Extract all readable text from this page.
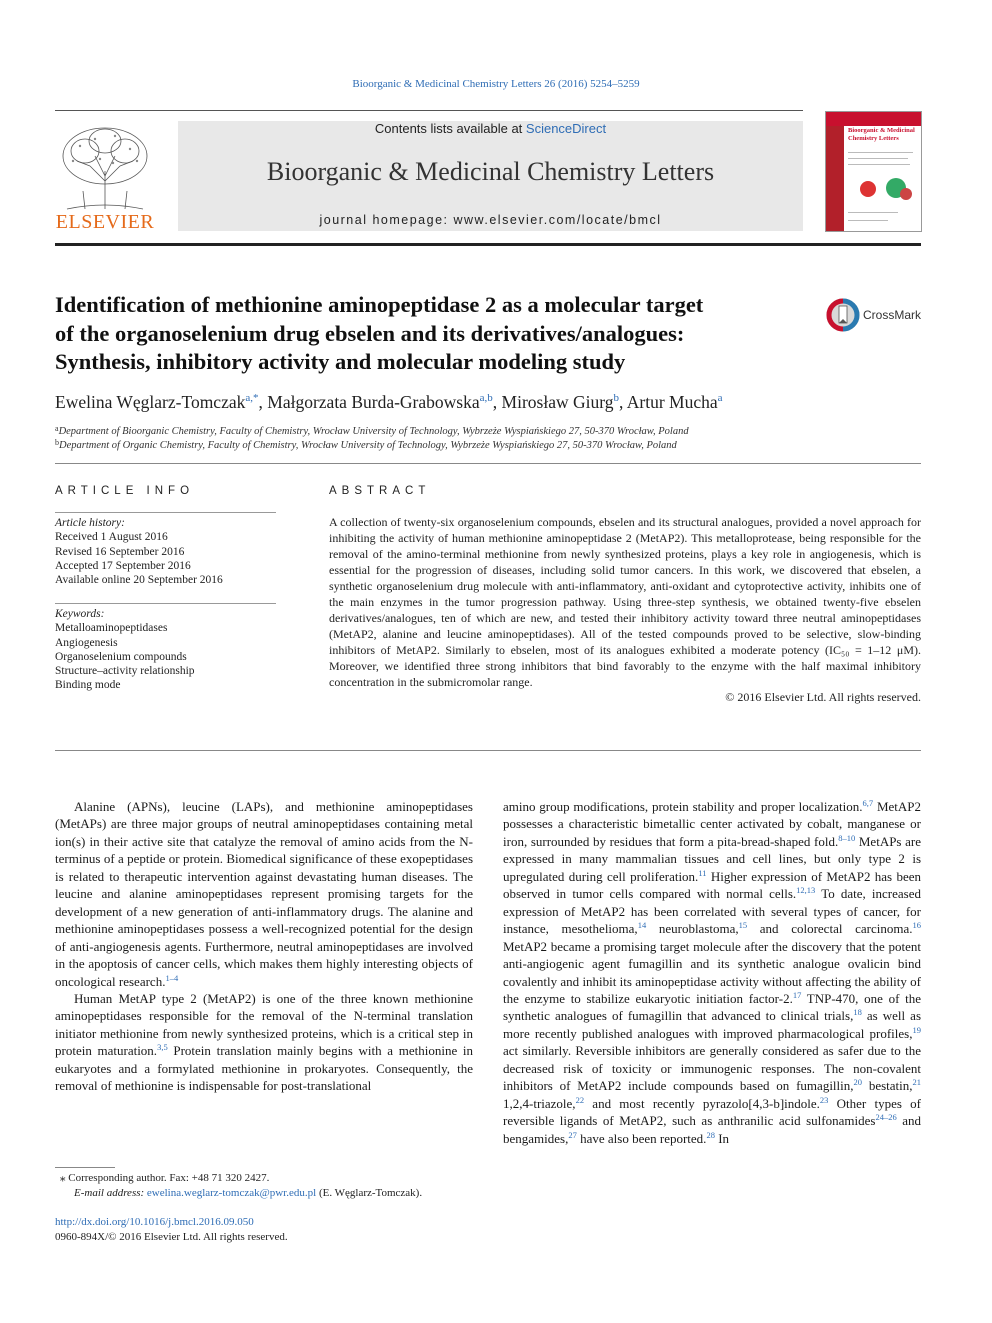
Bioorganic & Medicinal Chemistry Letters 26 (2016) 5254–5259
ELSEVIER
Contents lists available at ScienceDirect
Bioorganic & Medicinal Chemistry Letters
journal homepage: www.elsevier.com/locate/bmcl
Bioorganic & Medicinal Chemistry Letters
Identification of methionine aminopeptidase 2 as a molecular target
of the organoselenium drug ebselen and its derivatives/analogues:
Synthesis, inhibitory activity and molecular modeling study
CrossMark
Ewelina Węglarz-Tomczak$^{a,*}$, Małgorzata Burda-Grabowska$^{a,b}$, Mirosław Giurg$^b$, Artur Mucha$^a$
$^a$Department of Bioorganic Chemistry, Faculty of Chemistry, Wrocław University of Technology, Wybrzeże Wyspiańskiego 27, 50-370 Wrocław, Poland
$^b$Department of Organic Chemistry, Faculty of Chemistry, Wrocław University of Technology, Wybrzeże Wyspiańskiego 27, 50-370 Wrocław, Poland
ARTICLE INFO
Article history:
Received 1 August 2016
Revised 16 September 2016
Accepted 17 September 2016
Available online 20 September 2016
Keywords:
Metalloaminopeptidases
Angiogenesis
Organoselenium compounds
Structure–activity relationship
Binding mode
ABSTRACT
A collection of twenty-six organoselenium compounds, ebselen and its structural analogues, provided a novel approach for inhibiting the activity of human methionine aminopeptidase 2 (MetAP2). This metalloprotease, being responsible for the removal of the amino-terminal methionine from newly synthesized proteins, plays a key role in angiogenesis, which is essential for the progression of diseases, including solid tumor cancers. In this work, we discovered that ebselen, a synthetic organoselenium drug molecule with anti-inflammatory, anti-oxidant and cytoprotective activity, inhibits one of the main enzymes in the tumor progression pathway. Using three-step synthesis, we obtained twenty-five ebselen derivatives/analogues, ten of which are new, and tested their inhibitory activity toward three neutral aminopeptidases (MetAP2, alanine and leucine aminopeptidases). All of the tested compounds proved to be selective, slow-binding inhibitors of MetAP2. Similarly to ebselen, most of its analogues exhibited a moderate potency (IC₅₀ = 1–12 μM). Moreover, we identified three strong inhibitors that bind favorably to the enzyme with the half maximal inhibitory concentration in the submicromolar range.
© 2016 Elsevier Ltd. All rights reserved.

Alanine (APNs), leucine (LAPs), and methionine aminopeptidases (MetAPs) are three major groups of neutral aminopeptidases containing metal ion(s) in their active site that catalyze the removal of amino acids from the N-terminus of a peptide or protein. Biomedical significance of these exopeptidases is related to therapeutic intervention against devastating human diseases. The leucine and alanine aminopeptidases represent promising targets for the development of a new generation of anti-inflammatory drugs. The alanine and methionine aminopeptidases possess a well-recognized potential for the design of anti-angiogenesis agents. Furthermore, neutral aminopeptidases are involved in the apoptosis of cancer cells, which makes them highly interesting objects of oncological research.$^{1-4}$

Human MetAP type 2 (MetAP2) is one of the three known methionine aminopeptidases responsible for the removal of the N-terminal translation initiator methionine from newly synthesized proteins, which is a critical step in protein maturation.$^{3,5}$ Protein translation mainly begins with a methionine in eukaryotes and a formylated methionine in prokaryotes. Consequently, the removal of methionine is indispensable for post-translational

amino group modifications, protein stability and proper localization.$^{6,7}$ MetAP2 possesses a characteristic bimetallic center activated by cobalt, manganese or iron, surrounded by residues that form a pita-bread-shaped fold.$^{8-10}$ MetAPs are expressed in many mammalian tissues and cell lines, but only type 2 is upregulated during cell proliferation.$^{11}$ Higher expression of MetAP2 has been observed in tumor cells compared with normal cells.$^{12,13}$ To date, increased expression of MetAP2 has been correlated with several types of cancer, for instance, mesothelioma,$^{14}$ neuroblastoma,$^{15}$ and colorectal carcinoma.$^{16}$ MetAP2 became a promising target molecule after the discovery that the potent anti-angiogenic agent fumagillin and its synthetic analogue ovalicin bind covalently and inhibit its aminopeptidase activity without affecting the ability of the enzyme to stabilize eukaryotic initiation factor-2.17 TNP-470, one of the synthetic analogues of fumagillin that advanced to clinical trials,$^{18}$ as well as more recently published analogues with improved pharmacological profiles,$^{19}$ act similarly. Reversible inhibitors are generally considered as safer due to the decreased risk of toxicity or immunogenic responses. The non-covalent inhibitors of MetAP2 include compounds based on fumagillin,$^{20}$ bestatin,$^{21}$ 1,2,4-triazole,$^{22}$ and most recently pyrazolo[4,3-b]indole.$^{23}$ Other types of reversible ligands of MetAP2, such as anthranilic acid sulfonamides$^{24-26}$ and bengamides,$^{27}$ have also been reported.$^{28}$ In

⁎ Corresponding author. Fax: +48 71 320 2427.
E-mail address: ewelina.weglarz-tomczak@pwr.edu.pl (E. Węglarz-Tomczak).
http://dx.doi.org/10.1016/j.bmcl.2016.09.050
0960-894X/© 2016 Elsevier Ltd. All rights reserved.
